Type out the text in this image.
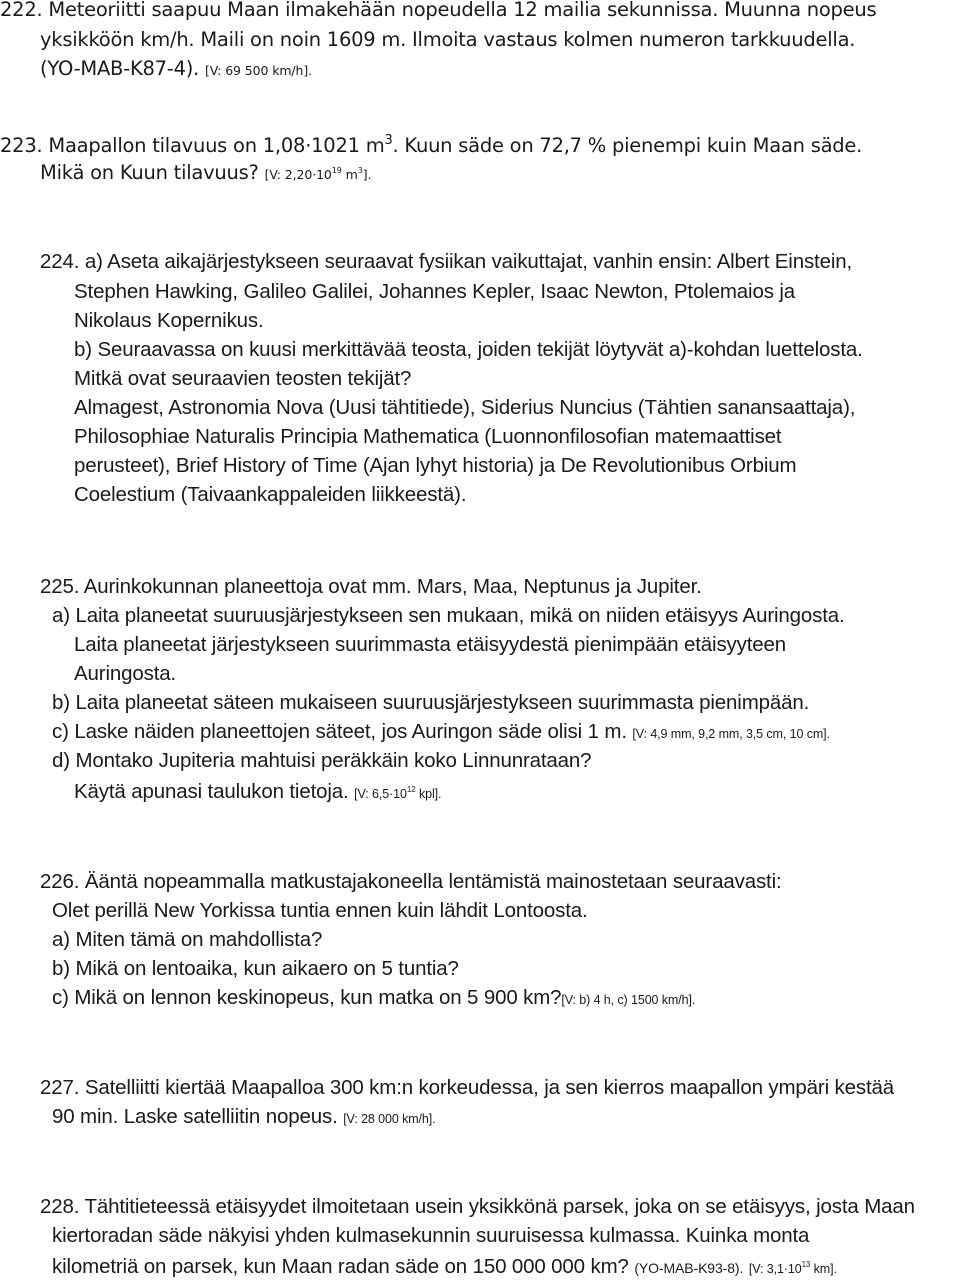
222. Meteoriitti saapuu Maan ilmakehään nopeudella 12 mailia sekunnissa. Muunna nopeus
yksikköön km/h. Maili on noin 1609 m. Ilmoita vastaus kolmen numeron tarkkuudella.
(YO-MAB-K87-4). [V: 69 500 km/h].
223. Maapallon tilavuus on 1,08·1021 $m^3$. Kuun säde on 72,7 % pienempi kuin Maan säde.
Mikä on Kuun tilavuus? [V: $2,20\cdot 10^{19}$ $m^3$].
224. a) Aseta aikajärjestykseen seuraavat fysiikan vaikuttajat, vanhin ensin: Albert Einstein,
Stephen Hawking, Galileo Galilei, Johannes Kepler, Isaac Newton, Ptolemaios ja
Nikolaus Kopernikus.
b) Seuraavassa on kuusi merkittävää teosta, joiden tekijät löytyvät a)-kohdan luettelosta.
Mitkä ovat seuraavien teosten tekijät?
Almagest, Astronomia Nova (Uusi tähtitiede), Siderius Nuncius (Tähtien sanansaattaja),
Philosophiae Naturalis Principia Mathematica (Luonnonfilosofian matemaattiset
perusteet), Brief History of Time (Ajan lyhyt historia) ja De Revolutionibus Orbium
Coelestium (Taivaankappaleiden liikkeestä).
225. Aurinkokunnan planeettoja ovat mm. Mars, Maa, Neptunus ja Jupiter.
a) Laita planeetat suuruusjärjestykseen sen mukaan, mikä on niiden etäisyys Auringosta.
Laita planeetat järjestykseen suurimmasta etäisyydestä pienimpään etäisyyteen
Auringosta.
b) Laita planeetat säteen mukaiseen suuruusjärjestykseen suurimmasta pienimpään.
c) Laske näiden planeettojen säteet, jos Auringon säde olisi 1 m. [V: 4,9 mm, 9,2 mm, 3,5 cm, 10 cm].
d) Montako Jupiteria mahtuisi peräkkäin koko Linnunrataan?
Käytä apunasi taulukon tietoja. [V: $6,5\cdot 10^{12}$ kpl].
226. Ääntä nopeammalla matkustajakoneella lentämistä mainostetaan seuraavasti:
Olet perillä New Yorkissa tuntia ennen kuin lähdit Lontoosta.
a) Miten tämä on mahdollista?
b) Mikä on lentoaika, kun aikaero on 5 tuntia?
c) Mikä on lennon keskinopeus, kun matka on 5 900 km?[V: b) 4 h, c) 1500 km/h].
227. Satelliitti kiertää Maapalloa 300 km:n korkeudessa, ja sen kierros maapallon ympäri kestää
90 min. Laske satelliitin nopeus. [V: 28 000 km/h].
228. Tähtitieteessä etäisyydet ilmoitetaan usein yksikkönä parsek, joka on se etäisyys, josta Maan
kiertoradan säde näkyisi yhden kulmasekunnin suuruisessa kulmassa. Kuinka monta
kilometriä on parsek, kun Maan radan säde on 150 000 000 km? (YO-MAB-K93-8). [V: $3,1\cdot 10^{13}$ km].
